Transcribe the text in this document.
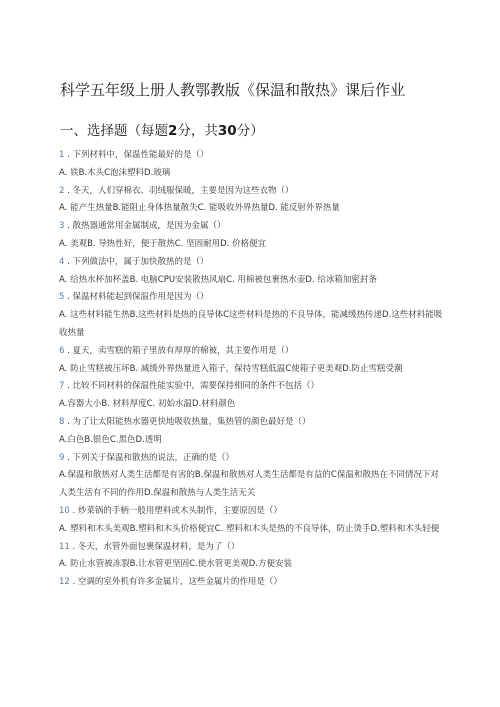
科学五年级上册人教鄂教版《保温和散热》课后作业
一、选择题（每题2分，共30分）
1 . 下列材料中，保温性能最好的是（）
A. 铁B.木头C泡沫塑料D.玻璃
2 . 冬天，人们穿棉衣、羽绒服保暖，主要是因为这些衣物（）
A. 能产生热量B.能阻止身体热量散失C. 能吸收外界热量D. 能反射外界热量
3 . 散热器通常用金属制成，是因为金属（）
A. 美观B. 导热性好，便于散热C. 坚固耐用D. 价格便宜
4 . 下列做法中，属于加快散热的是（）
A. 给热水杯加杯盖B. 电脑CPU安装散热风扇C. 用棉被包裹热水壶D. 给冰箱加密封条
5 . 保温材料能起到保温作用是因为（）
A. 这些材料能生热B.这些材料是热的良导体C这些材料是热的不良导体，能减缓热传递D.这些材料能吸收热量
6 . 夏天，卖雪糕的箱子里放有厚厚的棉被，其主要作用是（）
A. 防止雪糕被压坏B. 减缓外界热量进入箱子，保持雪糕低温C使箱子更美观D.防止雪糕受潮
7 . 比较不同材料的保温性能实验中，需要保持相同的条件不包括（）
A.容器大小B. 材料厚度C. 初始水温D.材料颜色
8 . 为了让太阳能热水器更快地吸收热量，集热管的颜色最好是（）
A.白色B.银色C.黑色D.透明
9 . 下列关于保温和散热的说法，正确的是（）
A.保温和散热对人类生活都是有害的B.保温和散热对人类生活都是有益的C保温和散热在不同情况下对人类生活有不同的作用D.保温和散热与人类生活无关
10 . 炒菜锅的手柄一般用塑料或木头制作，主要原因是（）
A. 塑料和木头美观B.塑料和木头价格便宜C. 塑料和木头是热的不良导体，防止烫手D.塑料和木头轻便
11 . 冬天，水管外面包裹保温材料，是为了（）
A. 防止水管被冻裂B.让水管更坚固C.使水管更美观D.方便安装
12 . 空调的室外机有许多金属片，这些金属片的作用是（）
